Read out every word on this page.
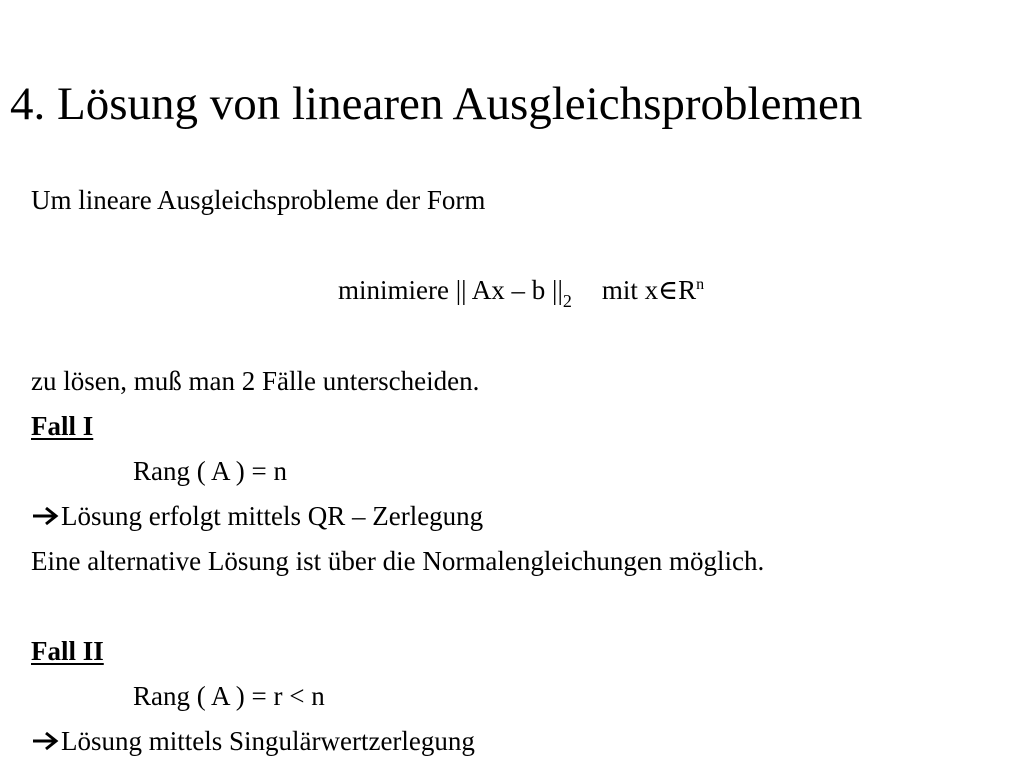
4. Lösung von linearen Ausgleichsproblemen
Um lineare Ausgleichsprobleme der Form
minimiere || Ax – b $||_2$ mit $x\in R^n$
zu lösen, muß man 2 Fälle unterscheiden.
Fall I
Rang ( A ) = n
Lösung erfolgt mittels QR – Zerlegung
Eine alternative Lösung ist über die Normalengleichungen möglich.
Fall II
Rang ( A ) = r < n
Lösung mittels Singulärwertzerlegung
